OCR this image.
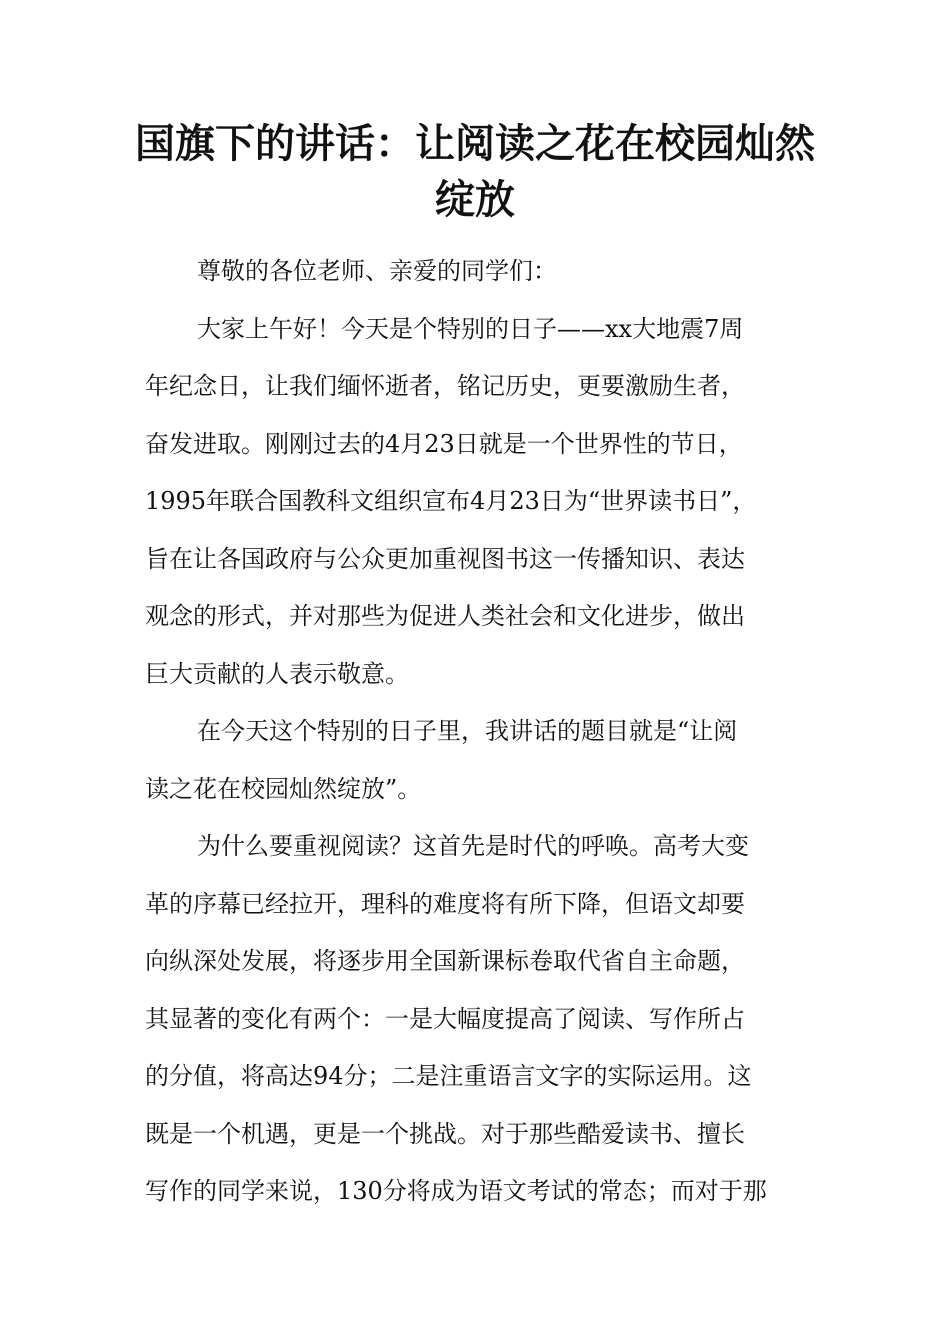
国旗下的讲话：让阅读之花在校园灿然
绽放
尊敬的各位老师、亲爱的同学们：
大家上午好！今天是个特别的日子——xx大地震7周
年纪念日，让我们缅怀逝者，铭记历史，更要激励生者，
奋发进取。刚刚过去的4月23日就是一个世界性的节日，
1995年联合国教科文组织宣布4月23日为“世界读书日”，
旨在让各国政府与公众更加重视图书这一传播知识、表达
观念的形式，并对那些为促进人类社会和文化进步，做出
巨大贡献的人表示敬意。
在今天这个特别的日子里，我讲话的题目就是“让阅
读之花在校园灿然绽放”。
为什么要重视阅读？这首先是时代的呼唤。高考大变
革的序幕已经拉开，理科的难度将有所下降，但语文却要
向纵深处发展，将逐步用全国新课标卷取代省自主命题，
其显著的变化有两个：一是大幅度提高了阅读、写作所占
的分值，将高达94分；二是注重语言文字的实际运用。这
既是一个机遇，更是一个挑战。对于那些酷爱读书、擅长
写作的同学来说，130分将成为语文考试的常态；而对于那
